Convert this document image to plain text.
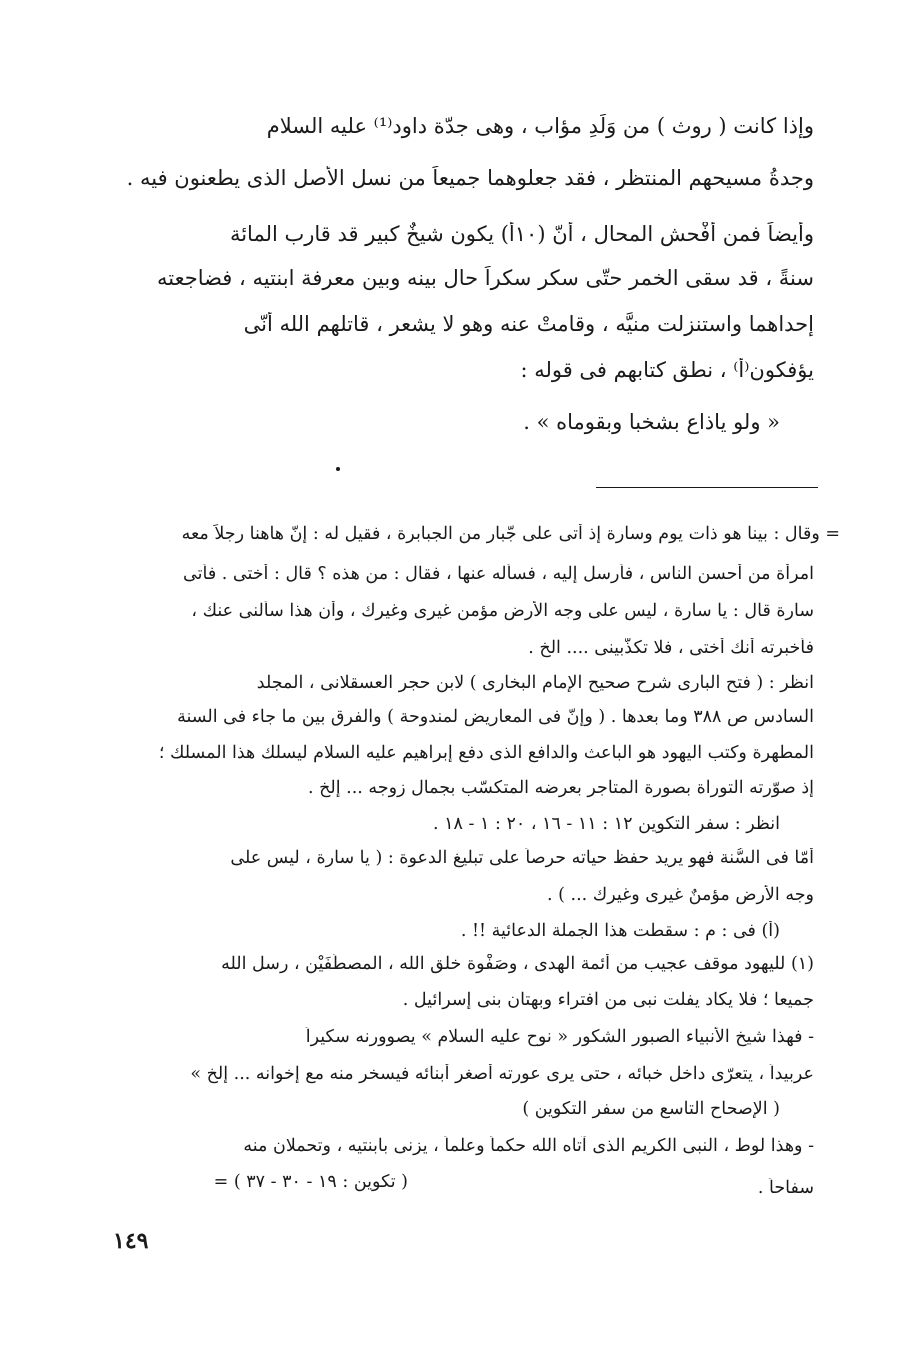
وإذا كانت ( روث ) من وَلَدِ مؤاب ، وهى جدّة داود⁽¹⁾ عليه السلام
وجدةُ مسيحهم المنتظر ، فقد جعلوهما جميعاً من نسل الأصل الذى يطعنون فيه .
وأيضاً فمن أفْحش المحال ، أنّ (١٠أ) يكون شيخٌ كبير قد قارب المائة
سنةً ، قد سقى الخمر حتّى سكر سكراً حال بينه وبين معرفة ابنتيه ، فضاجعته
إحداهما واستنزلت منيَّه ، وقامتْ عنه وهو لا يشعر ، قاتلهم الله أنّى
يؤفكون⁽أ⁾ ، نطق كتابهم فى قوله :
« ولو ياذاع بشخبا وبقوماه » .
= وقال : بينا هو ذات يوم وسارة إذ أتى على جّبار من الجبابرة ، فقيل له : إنّ هاهنا رجلاً معه
امرأة من أحسن الناس ، فأرسل إليه ، فسأله عنها ، فقال : من هذه ؟ قال : أختى . فأتى
سارة قال : يا سارة ، ليس على وجه الأرض مؤمن غيرى وغيرك ، وأن هذا سألنى عنك ،
فأخبرته أنك أختى ، فلا تكذّبينى .... الخ .
انظر : ( فتح البارى شرح صحيح الإمام البخارى ) لابن حجر العسقلانى ، المجلد
السادس ص ٣٨٨ وما بعدها . ( وإنّ فى المعاريض لمندوحة ) والفرق بين ما جاء فى السنة
المطهرة وكتب اليهود هو الباعث والدافع الذى دفع إبراهيم عليه السلام ليسلك هذا المسلك ؛
إذ صوّرته التوراة بصورة المتاجر بعرضه المتكسّب بجمال زوجه ... إلخ .
انظر : سفر التكوين ١٢ : ١١ - ١٦ ، ٢٠ : ١ - ١٨ .
أمّا فى السُّنة فهو يريد حفظ حياته حرصاً على تبليغ الدعوة : ( يا سارة ، ليس على
وجه الأرض مؤمنٌ غيرى وغيرك ... ) .
(أ) فى : م : سقطت هذا الجملة الدعائية !! .
(١) لليهود موقف عجيب من أئمة الهدى ، وصَفْوة خلق الله ، المصطَفَيْن ، رسل الله
جميعا ؛ فلا يكاد يفلت نبى من افتراء وبهتان بنى إسرائيل .
- فهذا شيخ الأنبياء الصبور الشكور « نوح عليه السلام » يصوورنه سكيراً
عربيداً ، يتعرّى داخل خبائه ، حتى يرى عورته أصغر أبنائه فيسخر منه مع إخوانه ... إلخ »
( الإصحاح التاسع من سفر التكوين )
- وهذا لوط ، النبى الكريم الذى آتاه الله حكماً وعلماً ، يزنى بابنتيه ، وتحملان منه
سفاحاً .
( تكوين : ١٩ - ٣٠ - ٣٧ ) =
١٤٩
